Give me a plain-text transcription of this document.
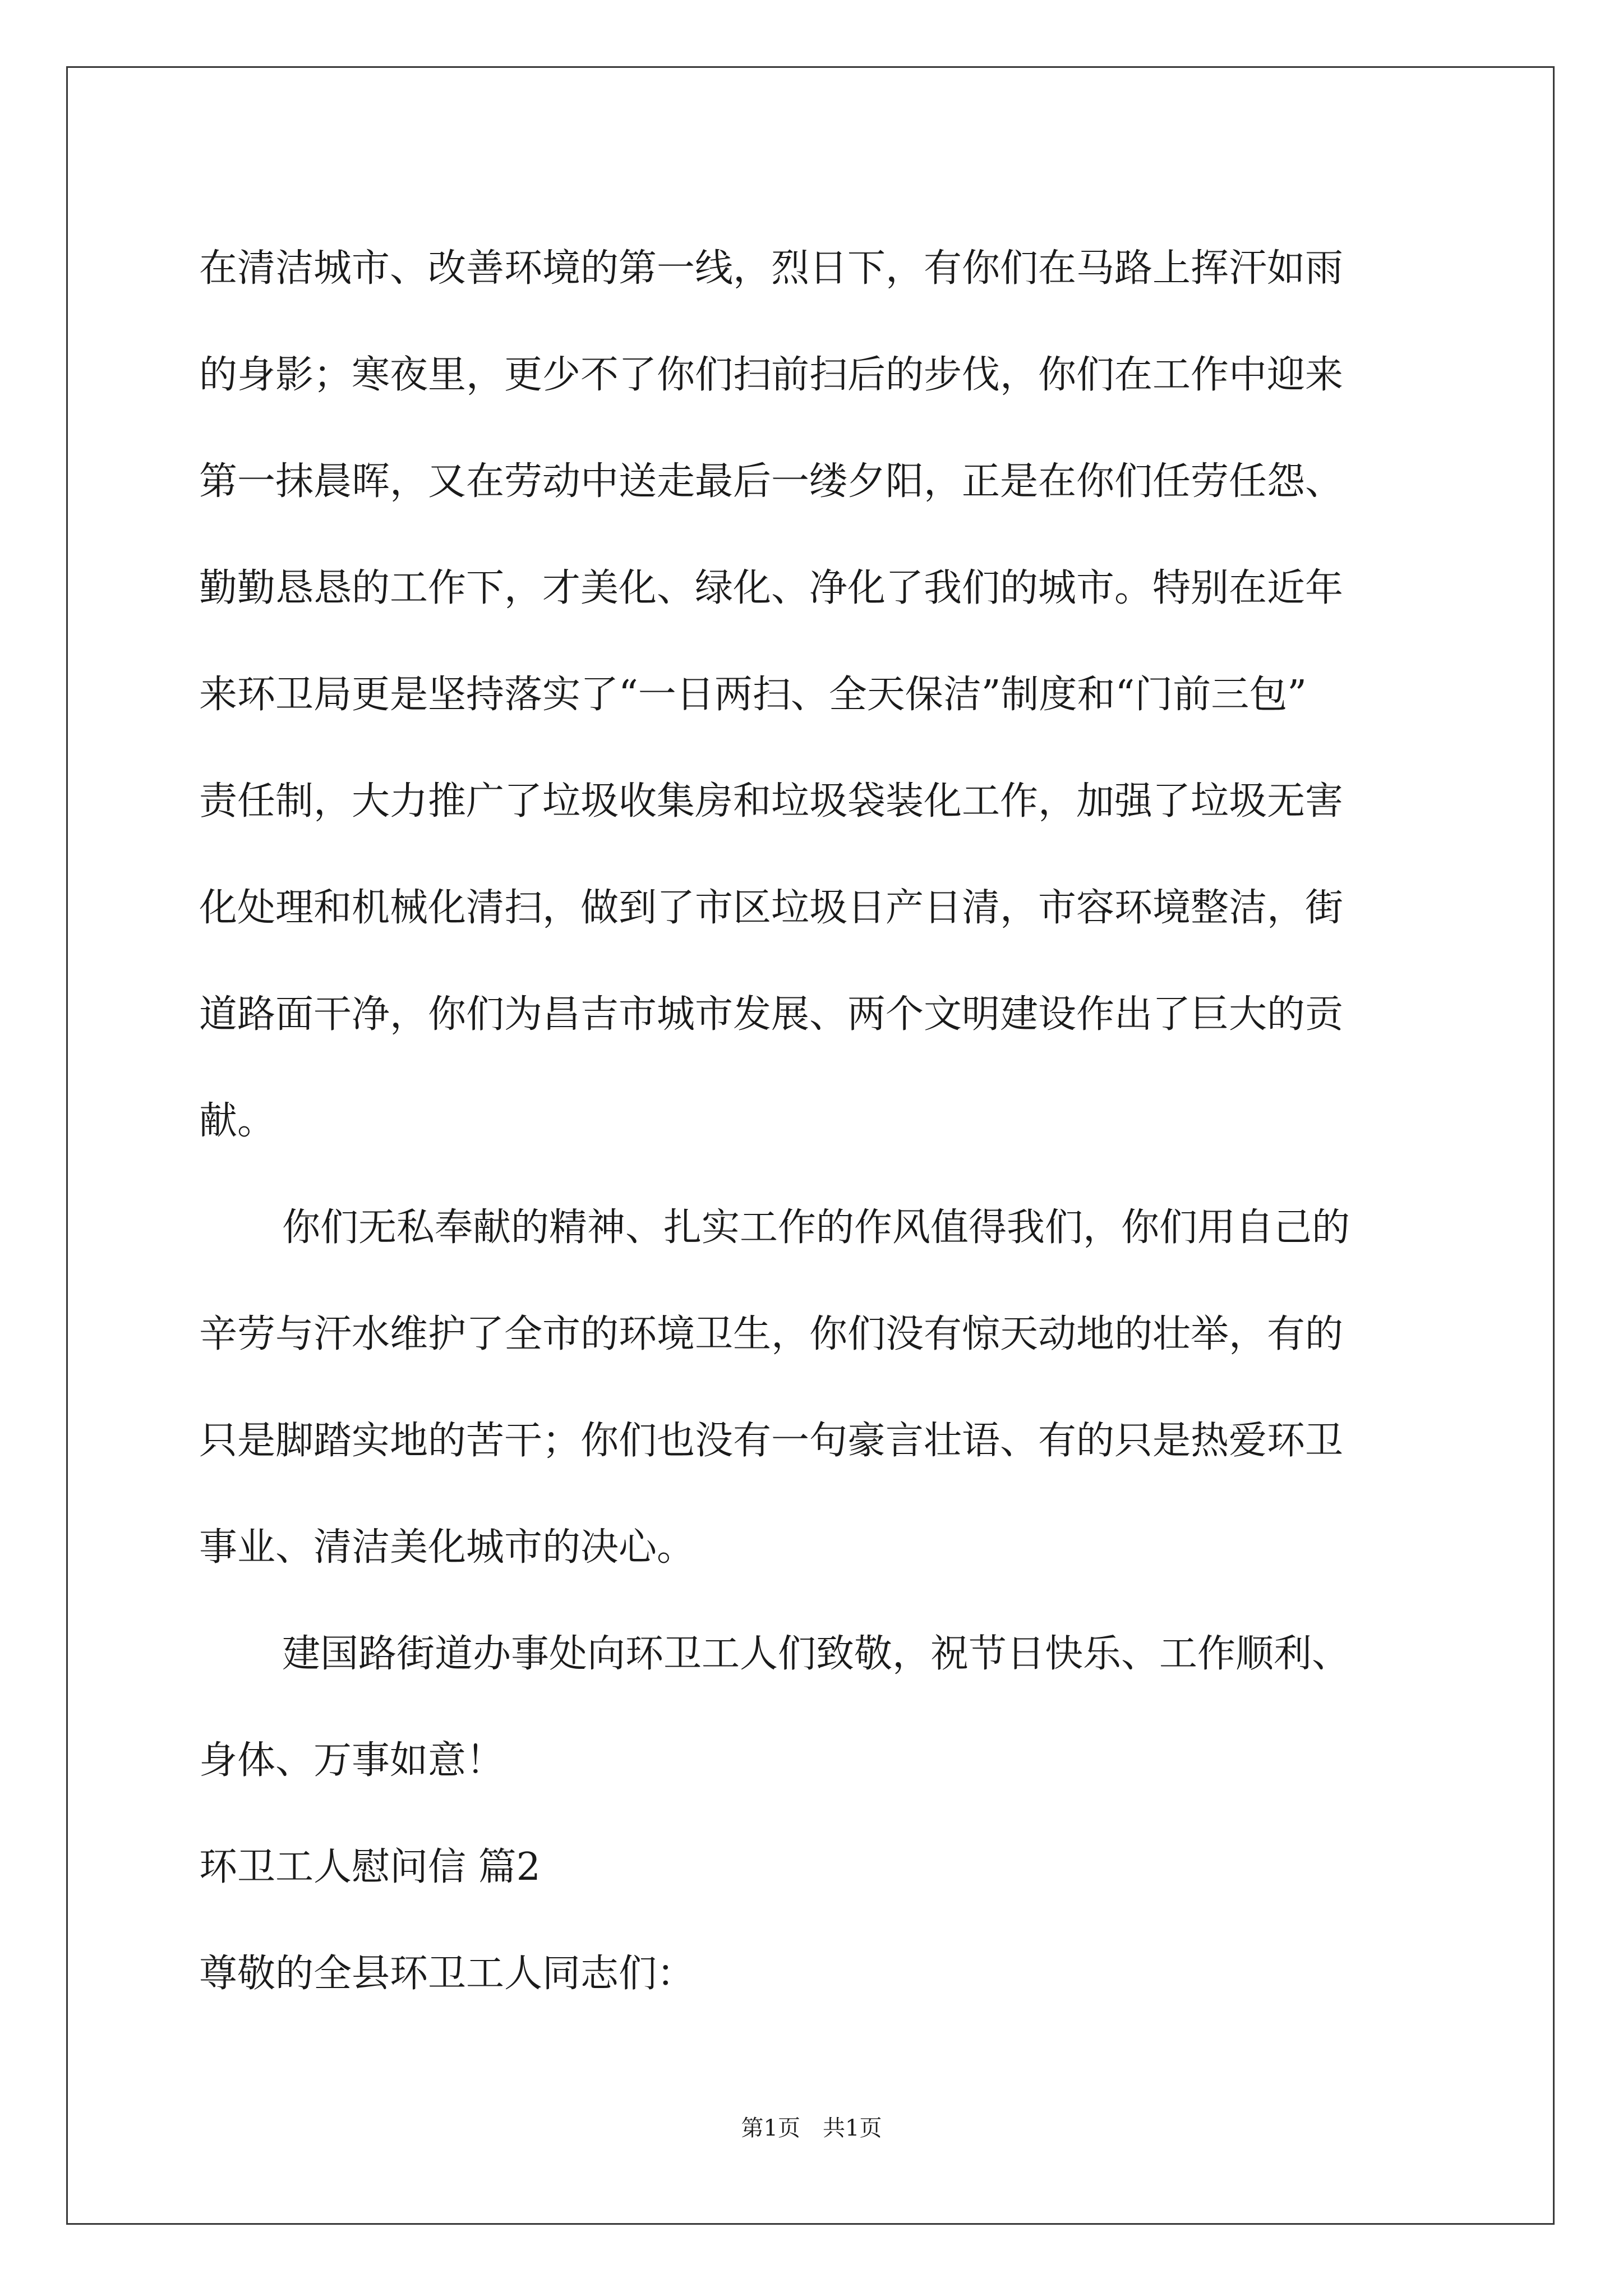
在清洁城市、改善环境的第一线，烈日下，有你们在马路上挥汗如雨
的身影；寒夜里，更少不了你们扫前扫后的步伐，你们在工作中迎来
第一抹晨晖，又在劳动中送走最后一缕夕阳，正是在你们任劳任怨、
勤勤恳恳的工作下，才美化、绿化、净化了我们的城市。特别在近年
来环卫局更是坚持落实了“一日两扫、全天保洁”制度和“门前三包”
责任制，大力推广了垃圾收集房和垃圾袋装化工作，加强了垃圾无害
化处理和机械化清扫，做到了市区垃圾日产日清，市容环境整洁，街
道路面干净，你们为昌吉市城市发展、两个文明建设作出了巨大的贡
献。
你们无私奉献的精神、扎实工作的作风值得我们，你们用自己的
辛劳与汗水维护了全市的环境卫生，你们没有惊天动地的壮举，有的
只是脚踏实地的苦干；你们也没有一句豪言壮语、有的只是热爱环卫
事业、清洁美化城市的决心。
建国路街道办事处向环卫工人们致敬，祝节日快乐、工作顺利、
身体、万事如意！
环卫工人慰问信 篇2
尊敬的全县环卫工人同志们：
第1页 共1页
